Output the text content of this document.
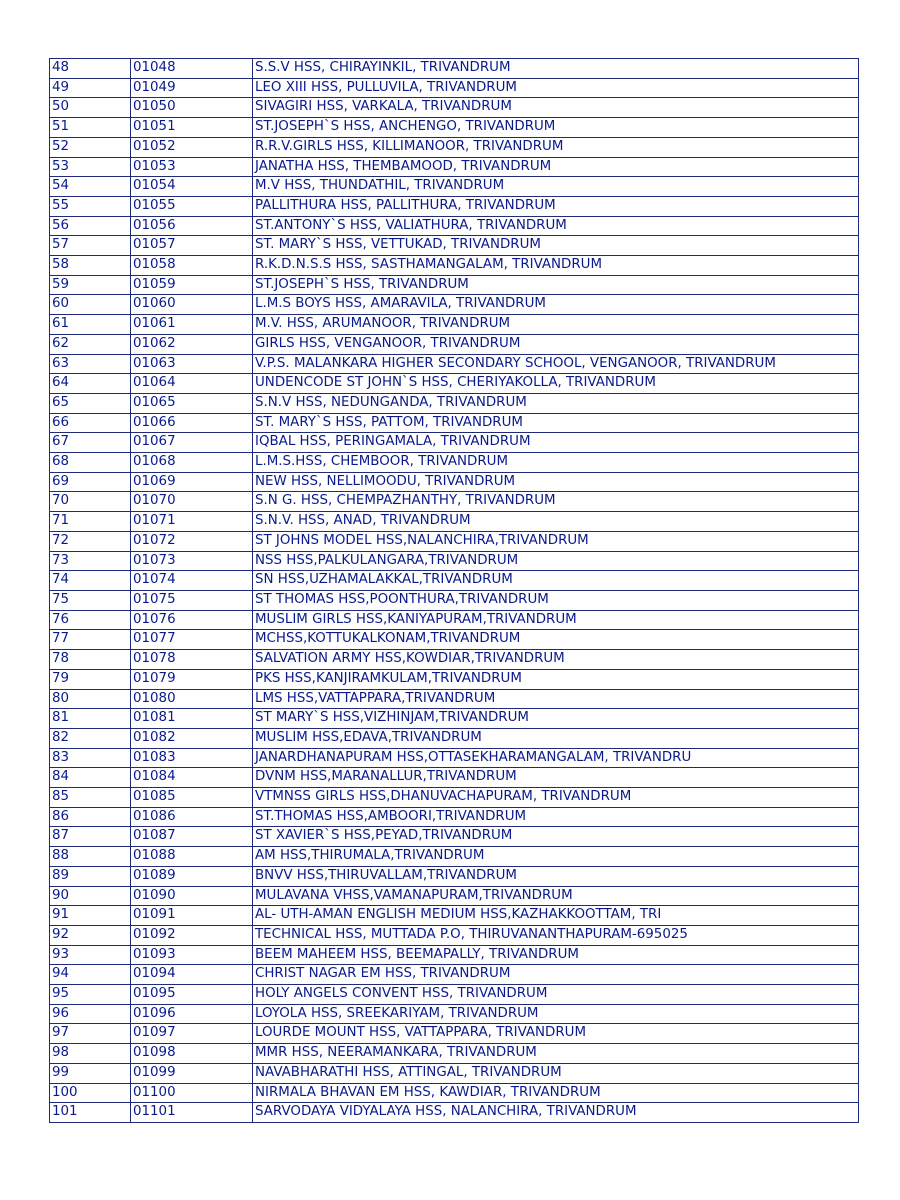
48	01048	S.S.V HSS, CHIRAYINKIL, TRIVANDRUM
49	01049	LEO XIII HSS, PULLUVILA, TRIVANDRUM
50	01050	SIVAGIRI HSS, VARKALA, TRIVANDRUM
51	01051	ST.JOSEPH`S HSS, ANCHENGO, TRIVANDRUM
52	01052	R.R.V.GIRLS HSS, KILLIMANOOR, TRIVANDRUM
53	01053	JANATHA HSS, THEMBAMOOD, TRIVANDRUM
54	01054	M.V HSS, THUNDATHIL, TRIVANDRUM
55	01055	PALLITHURA HSS, PALLITHURA, TRIVANDRUM
56	01056	ST.ANTONY`S HSS, VALIATHURA, TRIVANDRUM
57	01057	ST. MARY`S HSS, VETTUKAD, TRIVANDRUM
58	01058	R.K.D.N.S.S HSS, SASTHAMANGALAM, TRIVANDRUM
59	01059	ST.JOSEPH`S HSS, TRIVANDRUM
60	01060	L.M.S BOYS HSS, AMARAVILA, TRIVANDRUM
61	01061	M.V. HSS, ARUMANOOR, TRIVANDRUM
62	01062	GIRLS HSS, VENGANOOR, TRIVANDRUM
63	01063	V.P.S. MALANKARA HIGHER SECONDARY SCHOOL, VENGANOOR, TRIVANDRUM
64	01064	UNDENCODE ST JOHN`S HSS, CHERIYAKOLLA, TRIVANDRUM
65	01065	S.N.V HSS, NEDUNGANDA, TRIVANDRUM
66	01066	ST. MARY`S HSS, PATTOM, TRIVANDRUM
67	01067	IQBAL HSS, PERINGAMALA, TRIVANDRUM
68	01068	L.M.S.HSS, CHEMBOOR, TRIVANDRUM
69	01069	NEW HSS, NELLIMOODU, TRIVANDRUM
70	01070	S.N G. HSS, CHEMPAZHANTHY, TRIVANDRUM
71	01071	S.N.V. HSS, ANAD, TRIVANDRUM
72	01072	ST JOHNS MODEL HSS,NALANCHIRA,TRIVANDRUM
73	01073	NSS HSS,PALKULANGARA,TRIVANDRUM
74	01074	SN HSS,UZHAMALAKKAL,TRIVANDRUM
75	01075	ST THOMAS HSS,POONTHURA,TRIVANDRUM
76	01076	MUSLIM GIRLS HSS,KANIYAPURAM,TRIVANDRUM
77	01077	MCHSS,KOTTUKALKONAM,TRIVANDRUM
78	01078	SALVATION ARMY HSS,KOWDIAR,TRIVANDRUM
79	01079	PKS HSS,KANJIRAMKULAM,TRIVANDRUM
80	01080	LMS HSS,VATTAPPARA,TRIVANDRUM
81	01081	ST MARY`S HSS,VIZHINJAM,TRIVANDRUM
82	01082	MUSLIM HSS,EDAVA,TRIVANDRUM
83	01083	JANARDHANAPURAM HSS,OTTASEKHARAMANGALAM, TRIVANDRU
84	01084	DVNM HSS,MARANALLUR,TRIVANDRUM
85	01085	VTMNSS GIRLS HSS,DHANUVACHAPURAM, TRIVANDRUM
86	01086	ST.THOMAS HSS,AMBOORI,TRIVANDRUM
87	01087	ST XAVIER`S HSS,PEYAD,TRIVANDRUM
88	01088	AM HSS,THIRUMALA,TRIVANDRUM
89	01089	BNVV HSS,THIRUVALLAM,TRIVANDRUM
90	01090	MULAVANA VHSS,VAMANAPURAM,TRIVANDRUM
91	01091	AL- UTH-AMAN ENGLISH MEDIUM HSS,KAZHAKKOOTTAM, TRI
92	01092	TECHNICAL HSS, MUTTADA P.O, THIRUVANANTHAPURAM-695025
93	01093	BEEM MAHEEM HSS, BEEMAPALLY, TRIVANDRUM
94	01094	CHRIST NAGAR EM HSS, TRIVANDRUM
95	01095	HOLY ANGELS CONVENT HSS, TRIVANDRUM
96	01096	LOYOLA HSS, SREEKARIYAM, TRIVANDRUM
97	01097	LOURDE MOUNT HSS, VATTAPPARA, TRIVANDRUM
98	01098	MMR HSS, NEERAMANKARA, TRIVANDRUM
99	01099	NAVABHARATHI HSS, ATTINGAL, TRIVANDRUM
100	01100	NIRMALA BHAVAN EM HSS, KAWDIAR, TRIVANDRUM
101	01101	SARVODAYA VIDYALAYA HSS, NALANCHIRA, TRIVANDRUM
